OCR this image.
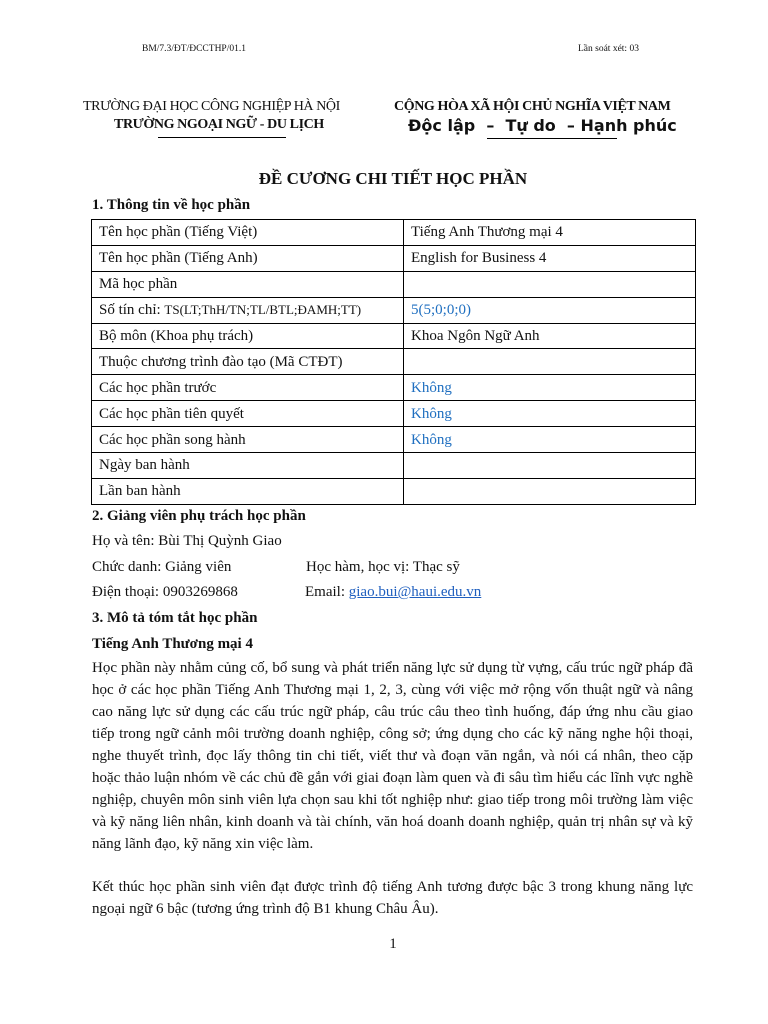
BM/7.3/ĐT/ĐCCTHP/01.1	Lần soát xét: 03
TRƯỜNG ĐẠI HỌC CÔNG NGHIỆP HÀ NỘI
TRƯỜNG NGOẠI NGỮ - DU LỊCH
CỘNG HÒA XÃ HỘI CHỦ NGHĨA VIỆT NAM
Độc lập  –  Tự do  – Hạnh phúc
ĐỀ CƯƠNG CHI TIẾT HỌC PHẦN
1. Thông tin về học phần
Tên học phần (Tiếng Việt)	Tiếng Anh Thương mại 4
Tên học phần (Tiếng Anh)	English for Business 4
Mã học phần	
Số tín chỉ: TS(LT;ThH/TN;TL/BTL;ĐAMH;TT)	5(5;0;0;0)
Bộ môn (Khoa phụ trách)	Khoa Ngôn Ngữ Anh
Thuộc chương trình đào tạo (Mã CTĐT)	
Các học phần trước	Không
Các học phần tiên quyết	Không
Các học phần song hành	Không
Ngày ban hành	
Lần ban hành	
2. Giảng viên phụ trách học phần
Họ và tên: Bùi Thị Quỳnh Giao
Chức danh: Giảng viên	Học hàm, học vị: Thạc sỹ
Điện thoại: 0903269868	Email: giao.bui@haui.edu.vn
3. Mô tả tóm tắt học phần
Tiếng Anh Thương mại 4
Học phần này nhằm củng cố, bổ sung và phát triển năng lực sử dụng từ vựng, cấu trúc ngữ pháp đã học ở các học phần Tiếng Anh Thương mại 1, 2, 3, cùng với việc mở rộng vốn thuật ngữ và nâng cao năng lực sử dụng các cấu trúc ngữ pháp, câu trúc câu theo tình huống, đáp ứng nhu cầu giao tiếp trong ngữ cảnh môi trường doanh nghiệp, công sở; ứng dụng cho các kỹ năng nghe hội thoại, nghe thuyết trình, đọc lấy thông tin chi tiết, viết thư và đoạn văn ngắn, và nói cá nhân, theo cặp hoặc thảo luận nhóm về các chủ đề gắn với giai đoạn làm quen và đi sâu tìm hiểu các lĩnh vực nghề nghiệp, chuyên môn sinh viên lựa chọn sau khi tốt nghiệp như: giao tiếp trong môi trường làm việc và kỹ năng liên nhân, kinh doanh và tài chính, văn hoá doanh doanh nghiệp, quản trị nhân sự và kỹ năng lãnh đạo, kỹ năng xin việc làm.
Kết thúc học phần sinh viên đạt được trình độ tiếng Anh tương được bậc 3 trong khung năng lực ngoại ngữ 6 bậc (tương ứng trình độ B1 khung Châu Âu).
1
